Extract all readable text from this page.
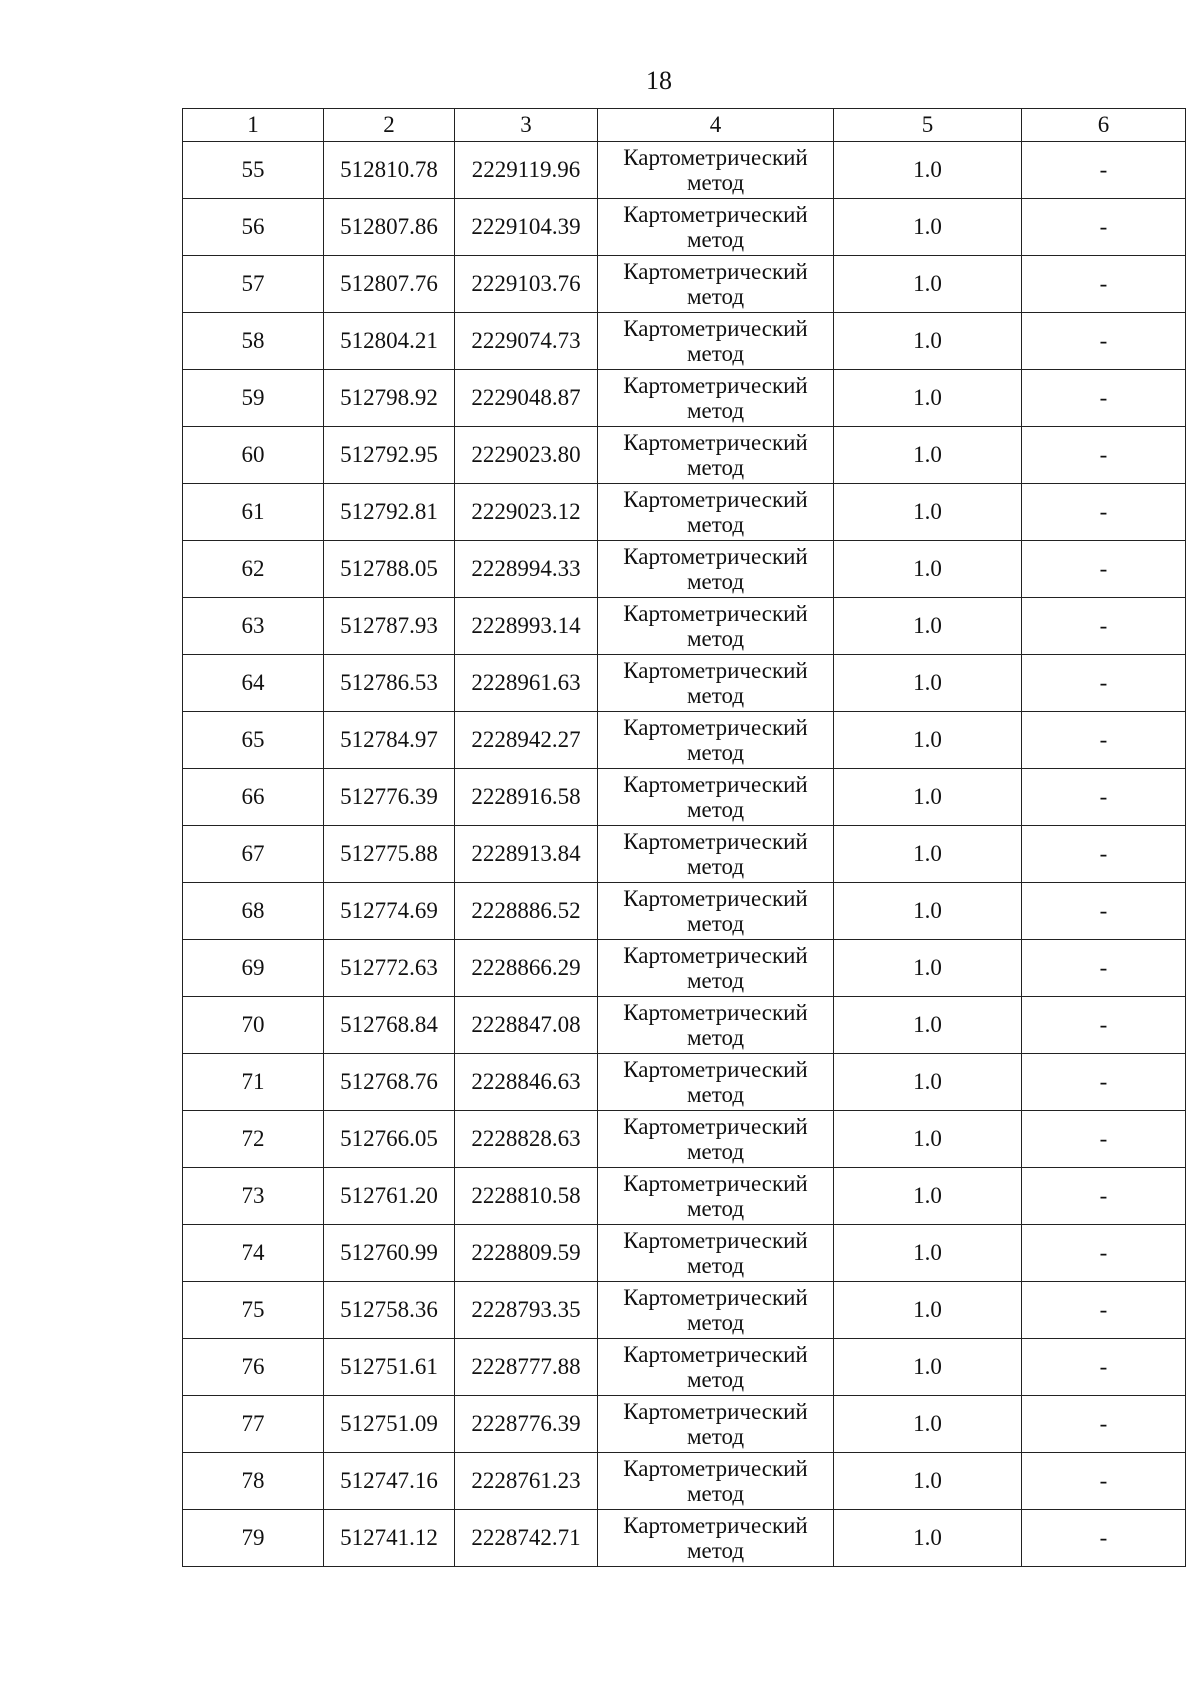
18
1	2	3	4	5	6
55	512810.78	2229119.96	Картометрический метод	1.0	-
56	512807.86	2229104.39	Картометрический метод	1.0	-
57	512807.76	2229103.76	Картометрический метод	1.0	-
58	512804.21	2229074.73	Картометрический метод	1.0	-
59	512798.92	2229048.87	Картометрический метод	1.0	-
60	512792.95	2229023.80	Картометрический метод	1.0	-
61	512792.81	2229023.12	Картометрический метод	1.0	-
62	512788.05	2228994.33	Картометрический метод	1.0	-
63	512787.93	2228993.14	Картометрический метод	1.0	-
64	512786.53	2228961.63	Картометрический метод	1.0	-
65	512784.97	2228942.27	Картометрический метод	1.0	-
66	512776.39	2228916.58	Картометрический метод	1.0	-
67	512775.88	2228913.84	Картометрический метод	1.0	-
68	512774.69	2228886.52	Картометрический метод	1.0	-
69	512772.63	2228866.29	Картометрический метод	1.0	-
70	512768.84	2228847.08	Картометрический метод	1.0	-
71	512768.76	2228846.63	Картометрический метод	1.0	-
72	512766.05	2228828.63	Картометрический метод	1.0	-
73	512761.20	2228810.58	Картометрический метод	1.0	-
74	512760.99	2228809.59	Картометрический метод	1.0	-
75	512758.36	2228793.35	Картометрический метод	1.0	-
76	512751.61	2228777.88	Картометрический метод	1.0	-
77	512751.09	2228776.39	Картометрический метод	1.0	-
78	512747.16	2228761.23	Картометрический метод	1.0	-
79	512741.12	2228742.71	Картометрический метод	1.0	-
